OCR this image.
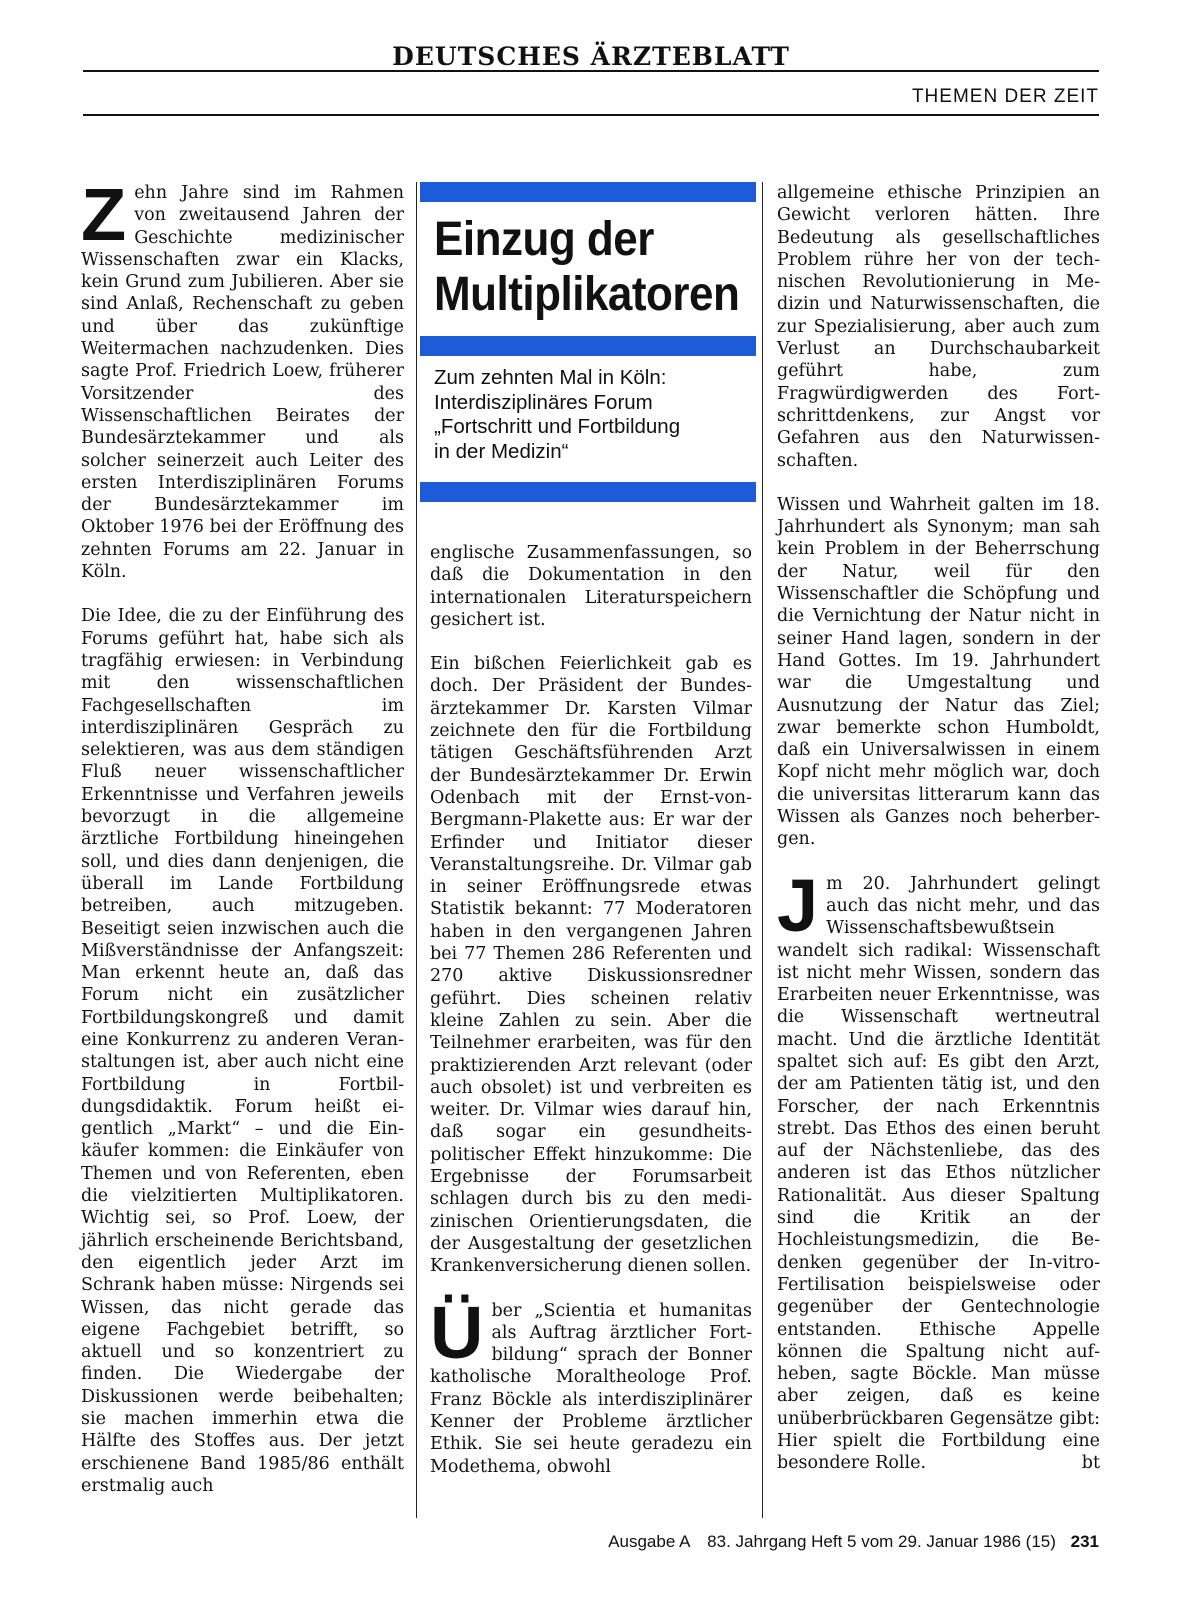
DEUTSCHES ÄRZTEBLATT
THEMEN DER ZEIT

Zehn Jahre sind im Rahmen von zweitausend Jahren der Geschichte medizinischer Wissenschaften zwar ein Klacks, kein Grund zum Jubilieren. Aber sie sind Anlaß, Rechenschaft zu geben und über das zukünftige Weitermachen nachzudenken. Dies sagte Prof. Friedrich Loew, früherer Vorsitzender des Wissenschaftlichen Beirates der Bundesärztekammer und als solcher seinerzeit auch Leiter des ersten Interdisziplinären Forums der Bundesärztekammer im Oktober 1976 bei der Eröffnung des zehnten Forums am 22. Januar in Köln.

Die Idee, die zu der Einführung des Forums geführt hat, habe sich als tragfähig erwiesen: in Verbindung mit den wissenschaftlichen Fachgesellschaften im interdisziplinären Gespräch zu selektieren, was aus dem ständigen Fluß neuer wissenschaftlicher Erkenntnisse und Verfahren jeweils bevorzugt in die allgemeine ärztliche Fortbildung hineingehen soll, und dies dann denjenigen, die überall im Lande Fortbildung betreiben, auch mitzugeben. Beseitigt seien inzwischen auch die Mißverständnisse der Anfangszeit: Man erkennt heute an, daß das Forum nicht ein zusätzlicher Fortbildungskongreß und damit eine Konkurrenz zu anderen Veranstaltungen ist, aber auch nicht eine Fortbildung in Fortbildungsdidaktik. Forum heißt eigentlich „Markt“ – und die Einkäufer kommen: die Einkäufer von Themen und von Referenten, eben die vielzitierten Multiplikatoren. Wichtig sei, so Prof. Loew, der jährlich erscheinende Berichtsband, den eigentlich jeder Arzt im Schrank haben müsse: Nirgends sei Wissen, das nicht gerade das eigene Fachgebiet betrifft, so aktuell und so konzentriert zu finden. Die Wiedergabe der Diskussionen werde beibehalten; sie machen immerhin etwa die Hälfte des Stoffes aus. Der jetzt erschienene Band 1985/86 enthält erstmalig auch

Einzug der
Multiplikatoren
Zum zehnten Mal in Köln:
Interdisziplinäres Forum
„Fortschritt und Fortbildung
in der Medizin“

englische Zusammenfassungen, so daß die Dokumentation in den internationalen Literaturspeichern gesichert ist.

Ein bißchen Feierlichkeit gab es doch. Der Präsident der Bundesärztekammer Dr. Karsten Vilmar zeichnete den für die Fortbildung tätigen Geschäftsführenden Arzt der Bundesärztekammer Dr. Erwin Odenbach mit der Ernst-von-Bergmann-Plakette aus: Er war der Erfinder und Initiator dieser Veranstaltungsreihe. Dr. Vilmar gab in seiner Eröffnungsrede etwas Statistik bekannt: 77 Moderatoren haben in den vergangenen Jahren bei 77 Themen 286 Referenten und 270 aktive Diskussionsredner geführt. Dies scheinen relativ kleine Zahlen zu sein. Aber die Teilnehmer erarbeiten, was für den praktizierenden Arzt relevant (oder auch obsolet) ist und verbreiten es weiter. Dr. Vilmar wies darauf hin, daß sogar ein gesundheitspolitischer Effekt hinzukomme: Die Ergebnisse der Forumsarbeit schlagen durch bis zu den medizinischen Orientierungsdaten, die der Ausgestaltung der gesetzlichen Krankenversicherung dienen sollen.

Über „Scientia et humanitas als Auftrag ärztlicher Fortbildung“ sprach der Bonner katholische Moraltheologe Prof. Franz Böckle als interdisziplinärer Kenner der Probleme ärztlicher Ethik. Sie sei heute geradezu ein Modethema, obwohl

allgemeine ethische Prinzipien an Gewicht verloren hätten. Ihre Bedeutung als gesellschaftliches Problem rühre her von der technischen Revolutionierung in Medizin und Naturwissenschaften, die zur Spezialisierung, aber auch zum Verlust an Durchschaubarkeit geführt habe, zum Fragwürdigwerden des Fortschrittdenkens, zur Angst vor Gefahren aus den Naturwissenschaften.

Wissen und Wahrheit galten im 18. Jahrhundert als Synonym; man sah kein Problem in der Beherrschung der Natur, weil für den Wissenschaftler die Schöpfung und die Vernichtung der Natur nicht in seiner Hand lagen, sondern in der Hand Gottes. Im 19. Jahrhundert war die Umgestaltung und Ausnutzung der Natur das Ziel; zwar bemerkte schon Humboldt, daß ein Universalwissen in einem Kopf nicht mehr möglich war, doch die universitas litterarum kann das Wissen als Ganzes noch beherbergen.

Jm 20. Jahrhundert gelingt auch das nicht mehr, und das Wissenschaftsbewußtsein wandelt sich radikal: Wissenschaft ist nicht mehr Wissen, sondern das Erarbeiten neuer Erkenntnisse, was die Wissenschaft wertneutral macht. Und die ärztliche Identität spaltet sich auf: Es gibt den Arzt, der am Patienten tätig ist, und den Forscher, der nach Erkenntnis strebt. Das Ethos des einen beruht auf der Nächstenliebe, das des anderen ist das Ethos nützlicher Rationalität. Aus dieser Spaltung sind die Kritik an der Hochleistungsmedizin, die Bedenken gegenüber der In-vitro-Fertilisation beispielsweise oder gegenüber der Gentechnologie entstanden. Ethische Appelle können die Spaltung nicht aufheben, sagte Böckle. Man müsse aber zeigen, daß es keine unüberbrückbaren Gegensätze gibt: Hier spielt die Fortbildung eine besondere Rolle.	bt

Ausgabe A 83. Jahrgang Heft 5 vom 29. Januar 1986 (15) 231
